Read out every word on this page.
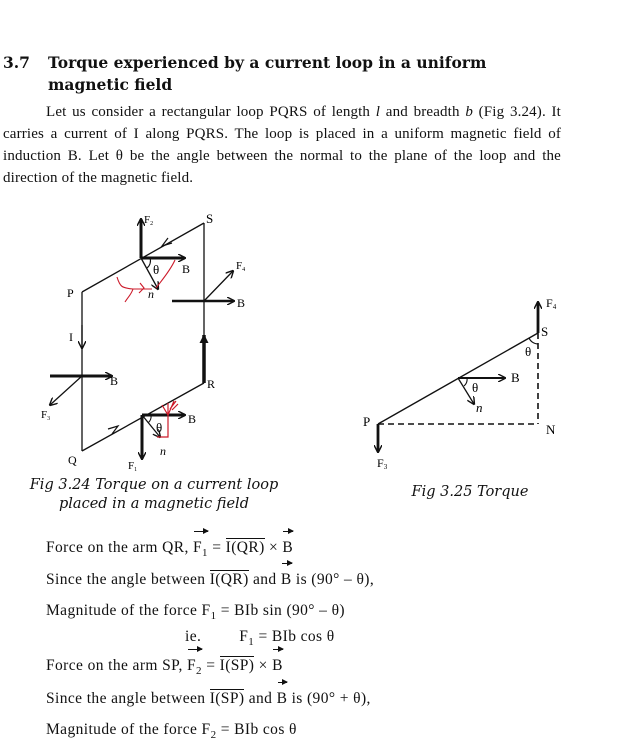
3.7 Torque experienced by a current loop in a uniform magnetic field
Let us consider a rectangular loop PQRS of length l and breadth b (Fig 3.24). It carries a current of I along PQRS. The loop is placed in a uniform magnetic field of induction B. Let θ be the angle between the normal to the plane of the loop and the direction of the magnetic field.
F2	S
θ B
n
F4
B
P
I
B	R
F3	B
θ
n
Q	F1
F4
S
θ
B
θ
n
P
N
F3
Fig 3.24 Torque on a current loop
placed in a magnetic field
Fig 3.25 Torque
Force on the arm QR, $F_1 = I(QR) \times B$
Since the angle between I(QR) and B is (90° – θ),
Magnitude of the force $F_1$ = BIb sin (90° – θ)
ie. $F_1$ = BIb cos θ
Force on the arm SP, $F_2 = I(SP) \times B$
Since the angle between I(SP) and B is (90° + θ),
Magnitude of the force $F_2$ = BIb cos θ
